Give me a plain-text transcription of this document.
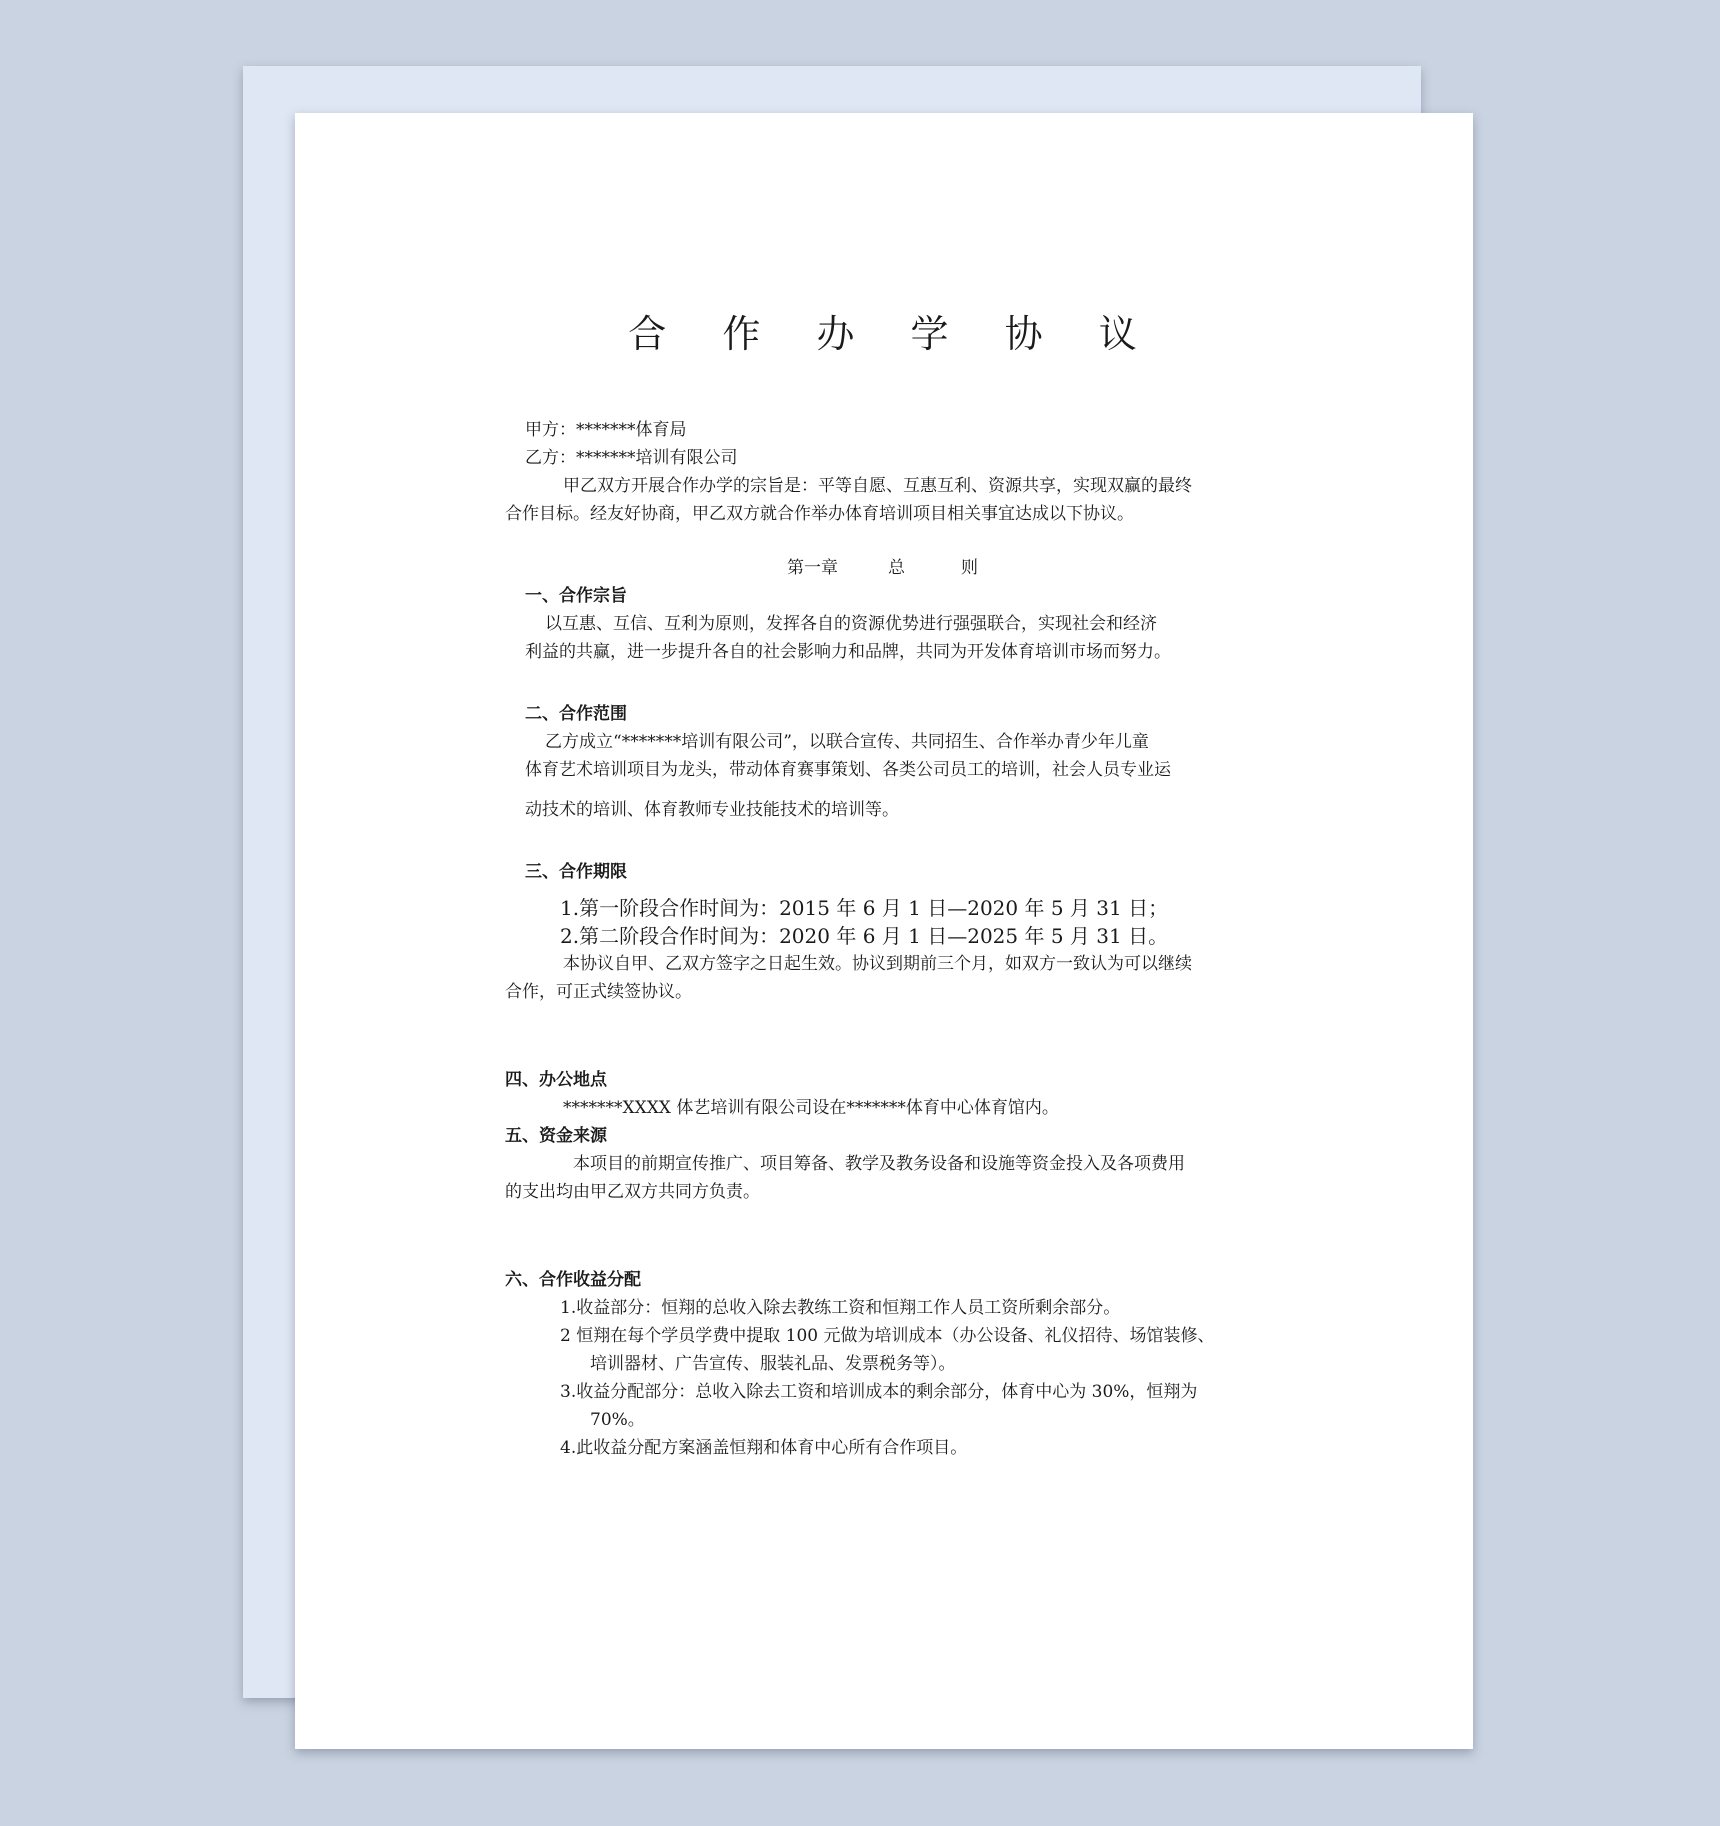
合 作 办 学 协 议

甲方：*******体育局

乙方：*******培训有限公司

甲乙双方开展合作办学的宗旨是：平等自愿、互惠互利、资源共享，实现双赢的最终

合作目标。经友好协商，甲乙双方就合作举办体育培训项目相关事宜达成以下协议。

第一章	总	则

一、合作宗旨

以互惠、互信、互利为原则，发挥各自的资源优势进行强强联合，实现社会和经济

利益的共赢，进一步提升各自的社会影响力和品牌，共同为开发体育培训市场而努力。

二、合作范围

乙方成立“*******培训有限公司”，以联合宣传、共同招生、合作举办青少年儿童

体育艺术培训项目为龙头，带动体育赛事策划、各类公司员工的培训，社会人员专业运

动技术的培训、体育教师专业技能技术的培训等。

三、合作期限

1.第一阶段合作时间为：2015 年 6 月 1 日—2020 年 5 月 31 日；

2.第二阶段合作时间为：2020 年 6 月 1 日—2025 年 5 月 31 日。

本协议自甲、乙双方签字之日起生效。协议到期前三个月，如双方一致认为可以继续

合作，可正式续签协议。

四、办公地点

*******XXXX 体艺培训有限公司设在*******体育中心体育馆内。

五、资金来源

本项目的前期宣传推广、项目筹备、教学及教务设备和设施等资金投入及各项费用

的支出均由甲乙双方共同方负责。

六、合作收益分配

1.收益部分：恒翔的总收入除去教练工资和恒翔工作人员工资所剩余部分。

2 恒翔在每个学员学费中提取 100 元做为培训成本（办公设备、礼仪招待、场馆装修、

培训器材、广告宣传、服装礼品、发票税务等）。

3.收益分配部分：总收入除去工资和培训成本的剩余部分，体育中心为 30%，恒翔为

70%。

4.此收益分配方案涵盖恒翔和体育中心所有合作项目。
